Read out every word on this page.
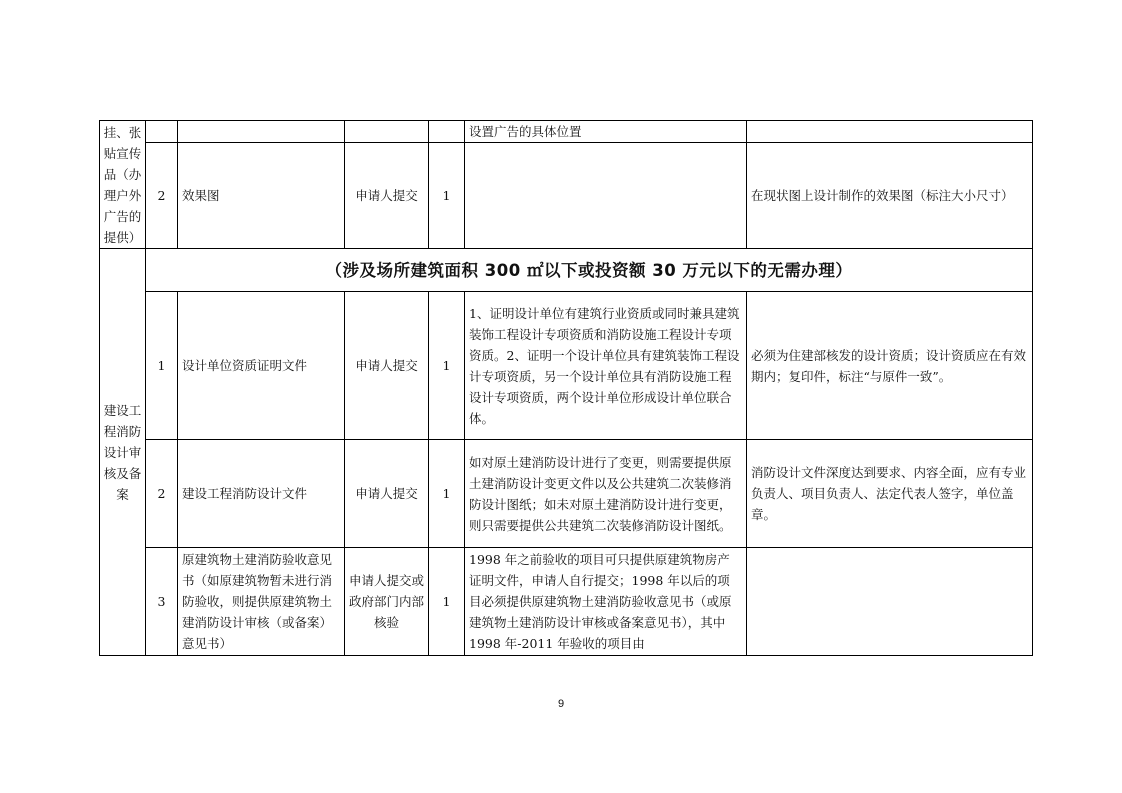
挂、张贴宣传品（办理户外广告的提供）					设置广告的具体位置	
	2	效果图	申请人提交	1		在现状图上设计制作的效果图（标注大小尺寸）
建设工程消防设计审核及备案	（涉及场所建筑面积 300 ㎡以下或投资额 30 万元以下的无需办理）					
	1	设计单位资质证明文件	申请人提交	1	1、证明设计单位有建筑行业资质或同时兼具建筑装饰工程设计专项资质和消防设施工程设计专项资质。2、证明一个设计单位具有建筑装饰工程设计专项资质，另一个设计单位具有消防设施工程设计专项资质，两个设计单位形成设计单位联合体。	必须为住建部核发的设计资质；设计资质应在有效期内；复印件，标注“与原件一致”。
	2	建设工程消防设计文件	申请人提交	1	如对原土建消防设计进行了变更，则需要提供原土建消防设计变更文件以及公共建筑二次装修消防设计图纸；如未对原土建消防设计进行变更，则只需要提供公共建筑二次装修消防设计图纸。	消防设计文件深度达到要求、内容全面，应有专业负责人、项目负责人、法定代表人签字，单位盖章。
	3	原建筑物土建消防验收意见书（如原建筑物暂未进行消防验收，则提供原建筑物土建消防设计审核（或备案）意见书）	申请人提交或政府部门内部核验	1	1998 年之前验收的项目可只提供原建筑物房产证明文件，申请人自行提交；1998 年以后的项目必须提供原建筑物土建消防验收意见书（或原建筑物土建消防设计审核或备案意见书），其中 1998 年-2011 年验收的项目由	
9
